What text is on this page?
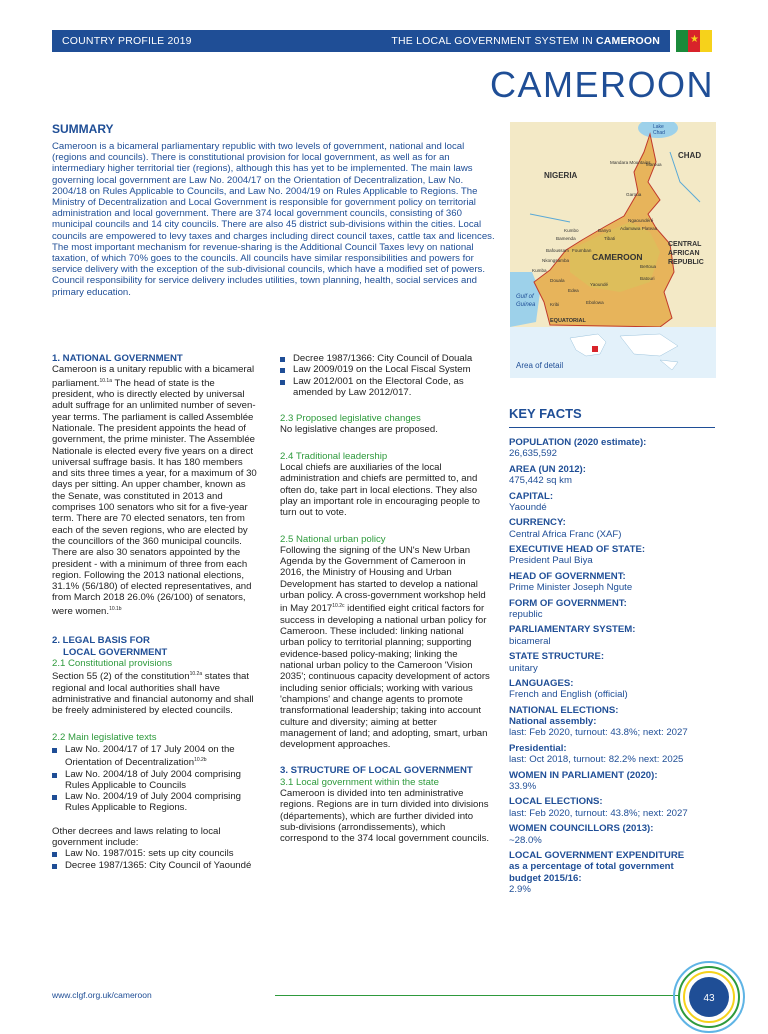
COUNTRY PROFILE 2019	THE LOCAL GOVERNMENT SYSTEM IN CAMEROON	★
CAMEROON
SUMMARY

Cameroon is a bicameral parliamentary republic with two levels of government, national and local (regions and councils). There is constitutional provision for local government, as well as for an intermediary higher territorial tier (regions), although this has yet to be implemented. The main laws governing local government are Law No. 2004/17 on the Orientation of Decentralization, Law No. 2004/18 on Rules Applicable to Councils, and Law No. 2004/19 on Rules Applicable to Regions. The Ministry of Decentralization and Local Government is responsible for government policy on territorial administration and local government. There are 374 local government councils, consisting of 360 municipal councils and 14 city councils. There are also 45 district sub-divisions within the cities. Local councils are empowered to levy taxes and charges including direct council taxes, cattle tax and licences. The most important mechanism for revenue-sharing is the Additional Council Taxes levy on national taxation, of which 70% goes to the councils. All councils have similar responsibilities and powers for service delivery with the exception of the sub-divisional councils, which have a modified set of powers. Council responsibility for service delivery includes utilities, town planning, health, social services and primary education.

1. NATIONAL GOVERNMENT

Cameroon is a unitary republic with a bicameral parliament.$^{10.1a}$ The head of state is the president, who is directly elected by universal adult suffrage for an unlimited number of seven-year terms. The parliament is called Assemblée Nationale. The president appoints the head of government, the prime minister. The Assemblée Nationale is elected every five years on a direct universal suffrage basis. It has 180 members and sits three times a year, for a maximum of 30 days per sitting. An upper chamber, known as the Senate, was constituted in 2013 and comprises 100 senators who sit for a five-year term. There are 70 elected senators, ten from each of the seven regions, who are elected by the councillors of the 360 municipal councils. There are also 30 senators appointed by the president - with a minimum of three from each region. Following the 2013 national elections, 31.1% (56/180) of elected representatives, and from March 2018 26.0% (26/100) of senators, were women.$^{10.1b}$

2. LEGAL BASIS FOR

LOCAL GOVERNMENT

2.1 Constitutional provisions

Section 55 (2) of the constitution$^{10.2a}$ states that regional and local authorities shall have administrative and financial autonomy and shall be freely administered by elected councils.

2.2 Main legislative texts

Law No. 2004/17 of 17 July 2004 on the Orientation of Decentralization$^{10.2b}$
Law No. 2004/18 of July 2004 comprising Rules Applicable to Councils
Law No. 2004/19 of July 2004 comprising Rules Applicable to Regions.

Other decrees and laws relating to local government include:

Law No. 1987/015: sets up city councils
Decree 1987/1365: City Council of Yaoundé
Decree 1987/1366: City Council of Douala
Law 2009/019 on the Local Fiscal System
Law 2012/001 on the Electoral Code, as amended by Law 2012/017.

2.3 Proposed legislative changes

No legislative changes are proposed.

2.4 Traditional leadership

Local chiefs are auxiliaries of the local administration and chiefs are permitted to, and often do, take part in local elections. They also play an important role in encouraging people to turn out to vote.

2.5 National urban policy

Following the signing of the UN's New Urban Agenda by the Government of Cameroon in 2016, the Ministry of Housing and Urban Development has started to develop a national urban policy. A cross-government workshop held in May $2017^{10.2c}$ identified eight critical factors for success in developing a national urban policy for Cameroon. These included: linking national urban policy to territorial planning; supporting evidence-based policy-making; linking the national urban policy to the Cameroon 'Vision 2035'; continuous capacity development of actors including senior officials; working with various 'champions' and change agents to promote transformational leadership; taking into account culture and diversity; aiming at better management of land; and adopting, smart, urban development approaches.

3. STRUCTURE OF LOCAL GOVERNMENT

3.1 Local government within the state

Cameroon is divided into ten administrative regions. Regions are in turn divided into divisions (départements), which are further divided into sub-divisions (arrondissements), which correspond to the 374 local government councils.

Area of detail
Lake
Chad
CHAD
NIGERIA
CENTRAL
AFRICAN
REPUBLIC
CAMEROON
Gulf of
Guinea
EQUATORIAL
Maroua
Mandara Mountains
Garoua
Kumbo
Bamenda
Foumban
Ngaoundéré
Adamawa Plateau
Banyo
Tibati
Bafoussam
Kumba
Nkongsamba
Douala
Yaoundé
Bertoua
Batouri
Edea
Ebolowa
Kribi
KEY FACTS

POPULATION (2020 estimate):

26,635,592

AREA (UN 2012):

475,442 sq km

CAPITAL:

Yaoundé

CURRENCY:

Central Africa Franc (XAF)

EXECUTIVE HEAD OF STATE:

President Paul Biya

HEAD OF GOVERNMENT:

Prime Minister Joseph Ngute

FORM OF GOVERNMENT:

republic

PARLIAMENTARY SYSTEM:

bicameral

STATE STRUCTURE:

unitary

LANGUAGES:

French and English (official)

NATIONAL ELECTIONS:

National assembly:

last: Feb 2020, turnout: 43.8%; next: 2027

Presidential:

last: Oct 2018, turnout: 82.2% next: 2025

WOMEN IN PARLIAMENT (2020):

33.9%

LOCAL ELECTIONS:

last: Feb 2020, turnout: 43.8%; next: 2027

WOMEN COUNCILLORS (2013):

~28.0%

LOCAL GOVERNMENT EXPENDITURE

as a percentage of total government

budget 2015/16:

2.9%

www.clgf.org.uk/cameroon	43
